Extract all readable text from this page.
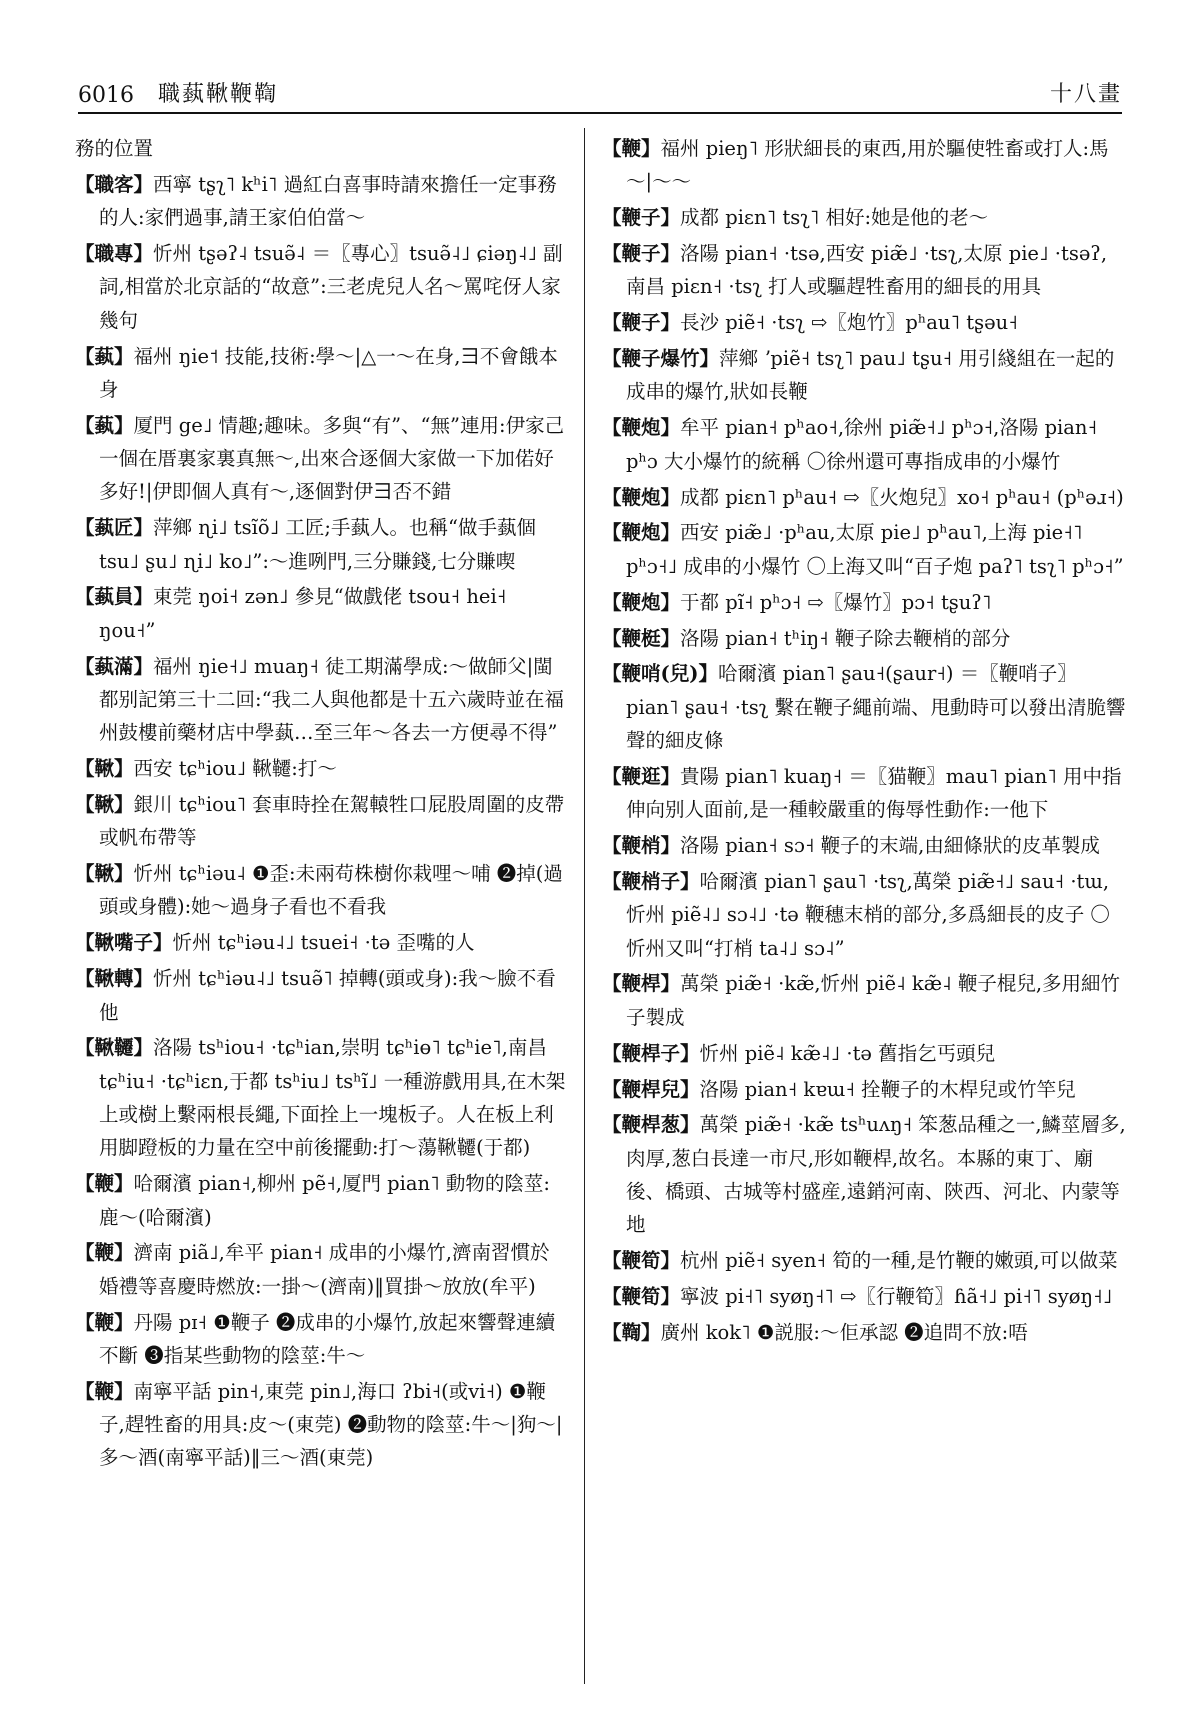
6016 職蓺鞦鞭鞫	十八畫

務的位置

【職客】西寧 tʂʅ˥ kʰi˥ 過紅白喜事時請來擔任一定事務的人:家們過事,請王家伯伯當～

【職專】忻州 tʂəʔ˨ tsuə̃˨ ＝〖專心〗tsuə̃˨˩ ɕiəŋ˨˩ 副詞,相當於北京話的“故意”:三老虎兒人名～罵咤伢人家幾句

【蓺】福州 ŋie˦ 技能,技術:學～|△一～在身,𫜹不會餓本身

【蓺】厦門 ge˩ 情趣;趣味。多與“有”、“無”連用:伊家己一個在厝裏家裏真無～,出來合逐個大家做一下加偌好多好!|伊即個人真有～,逐個對伊𫜹否不錯

【蓺匠】萍鄉 ɳi˩ tsĩõ˩ 工匠;手蓺人。也稱“做手蓺個 tsu˩ ʂu˩ ɳi˩ ko˩”:～進咧門,三分賺錢,七分賺喫

【蓺員】東莞 ŋoi˧ zən˩ 參見“做戲佬 tsou˧ hei˧ ŋou˧”

【蓺滿】福州 ŋie˧˩ muaŋ˧ 徒工期滿學成:～做師父|閩都别記第三十二回:“我二人與他都是十五六歲時並在福州鼓樓前藥材店中學蓺…至三年～各去一方便尋不得”

【鞦】西安 tɕʰiou˩ 鞦韆:打～

【鞦】銀川 tɕʰiou˥ 套車時拴在駕轅牲口屁股周圍的皮帶或帆布帶等

【鞦】忻州 tɕʰiəu˨ ❶歪:未兩苟株樹你栽哩～哺 ❷掉(過頭或身體):她～過身子看也不看我

【鞦嘴子】忻州 tɕʰiəu˨˩ tsuei˧ ·tə 歪嘴的人

【鞦轉】忻州 tɕʰiəu˨˩ tsuə̃˥ 掉轉(頭或身):我～臉不看他

【鞦韆】洛陽 tsʰiou˧ ·tɕʰian,崇明 tɕʰiɵ˥ tɕʰie˥,南昌 tɕʰiu˧ ·tɕʰiɛn,于都 tsʰiu˩ tsʰĩ˩ 一種游戲用具,在木架上或樹上繫兩根長繩,下面拴上一塊板子。人在板上利用脚蹬板的力量在空中前後擺動:打～蕩鞦韆(于都)

【鞭】哈爾濱 pian˧,柳州 pẽ˧,厦門 pian˥ 動物的陰莖:鹿～(哈爾濱)

【鞭】濟南 piã˩,牟平 pian˧ 成串的小爆竹,濟南習慣於婚禮等喜慶時燃放:一掛～(濟南)‖買掛～放放(牟平)

【鞭】丹陽 pɪ˧ ❶鞭子 ❷成串的小爆竹,放起來響聲連續不斷 ❸指某些動物的陰莖:牛～

【鞭】南寧平話 pin˧,東莞 pin˩,海口 ʔbi˧(或vi˧) ❶鞭子,趕牲畜的用具:皮～(東莞) ❷動物的陰莖:牛～|狗～|多～酒(南寧平話)‖三～酒(東莞)

【鞭】福州 pieŋ˥ 形狀細長的東西,用於驅使牲畜或打人:馬～|～～

【鞭子】成都 piɛn˥ tsʅ˥ 相好:她是他的老～

【鞭子】洛陽 pian˧ ·tsə,西安 piæ̃˩ ·tsʅ,太原 pie˩ ·tsəʔ,南昌 piɛn˧ ·tsʅ 打人或驅趕牲畜用的細長的用具

【鞭子】長沙 piẽ˧ ·tsʅ ⇨〖炮竹〗pʰau˥ tʂəu˧

【鞭子爆竹】萍鄉 ʼpiẽ˧ tsʅ˥ pau˩ tʂu˧ 用引綫組在一起的成串的爆竹,狀如長鞭

【鞭炮】牟平 pian˧ pʰao˧,徐州 piæ̃˧˩ pʰɔ˧,洛陽 pian˧ pʰɔ 大小爆竹的統稱 〇徐州還可專指成串的小爆竹

【鞭炮】成都 piɛn˥ pʰau˧ ⇨〖火炮兒〗xo˧ pʰau˧ (pʰəɹ˧)

【鞭炮】西安 piæ̃˩ ·pʰau,太原 pie˩ pʰau˥,上海 pie˧˥ pʰɔ˧˩ 成串的小爆竹 〇上海又叫“百子炮 paʔ˥ tsʅ˥ pʰɔ˧”

【鞭炮】于都 pĩ˧ pʰɔ˧ ⇨〖爆竹〗pɔ˧ tʂuʔ˥

【鞭梃】洛陽 pian˧ tʰiŋ˧ 鞭子除去鞭梢的部分

【鞭哨(兒)】哈爾濱 pian˥ ʂau˧(ʂaur˧) ＝〖鞭哨子〗pian˥ ʂau˧ ·tsʅ 繫在鞭子繩前端、甩動時可以發出清脆響聲的細皮條

【鞭逛】貴陽 pian˥ kuaŋ˧ ＝〖猫鞭〗mau˥ pian˥ 用中指伸向别人面前,是一種較嚴重的侮辱性動作:一他下

【鞭梢】洛陽 pian˧ sɔ˧ 鞭子的末端,由細條狀的皮革製成

【鞭梢子】哈爾濱 pian˥ ʂau˥ ·tsʅ,萬榮 piæ̃˧˩ sau˧ ·tɯ,忻州 piẽ˨˩ sɔ˨˩ ·tə 鞭穗末梢的部分,多爲細長的皮子 〇忻州又叫“打梢 ta˨˩ sɔ˨”

【鞭桿】萬榮 piæ̃˧ ·kæ̃,忻州 piẽ˨ kæ̃˨ 鞭子棍兒,多用細竹子製成

【鞭桿子】忻州 piẽ˨ kæ̃˨˩ ·tə 舊指乞丐頭兒

【鞭桿兒】洛陽 pian˧ kɐɯ˧ 拴鞭子的木桿兒或竹竿兒

【鞭桿葱】萬榮 piæ̃˧ ·kæ̃ tsʰuʌŋ˧ 笨葱品種之一,鱗莖層多,肉厚,葱白長達一市尺,形如鞭桿,故名。本縣的東丁、廟後、橋頭、古城等村盛産,遠銷河南、陝西、河北、内蒙等地

【鞭筍】杭州 piẽ˧ syen˧ 筍的一種,是竹鞭的嫩頭,可以做菜

【鞭筍】寧波 pi˧˥ syøŋ˧˥ ⇨〖行鞭筍〗ɦã˧˩ pi˧˥ syøŋ˧˩

【鞫】廣州 kok˥ ❶説服:～佢承認 ❷追問不放:唔
